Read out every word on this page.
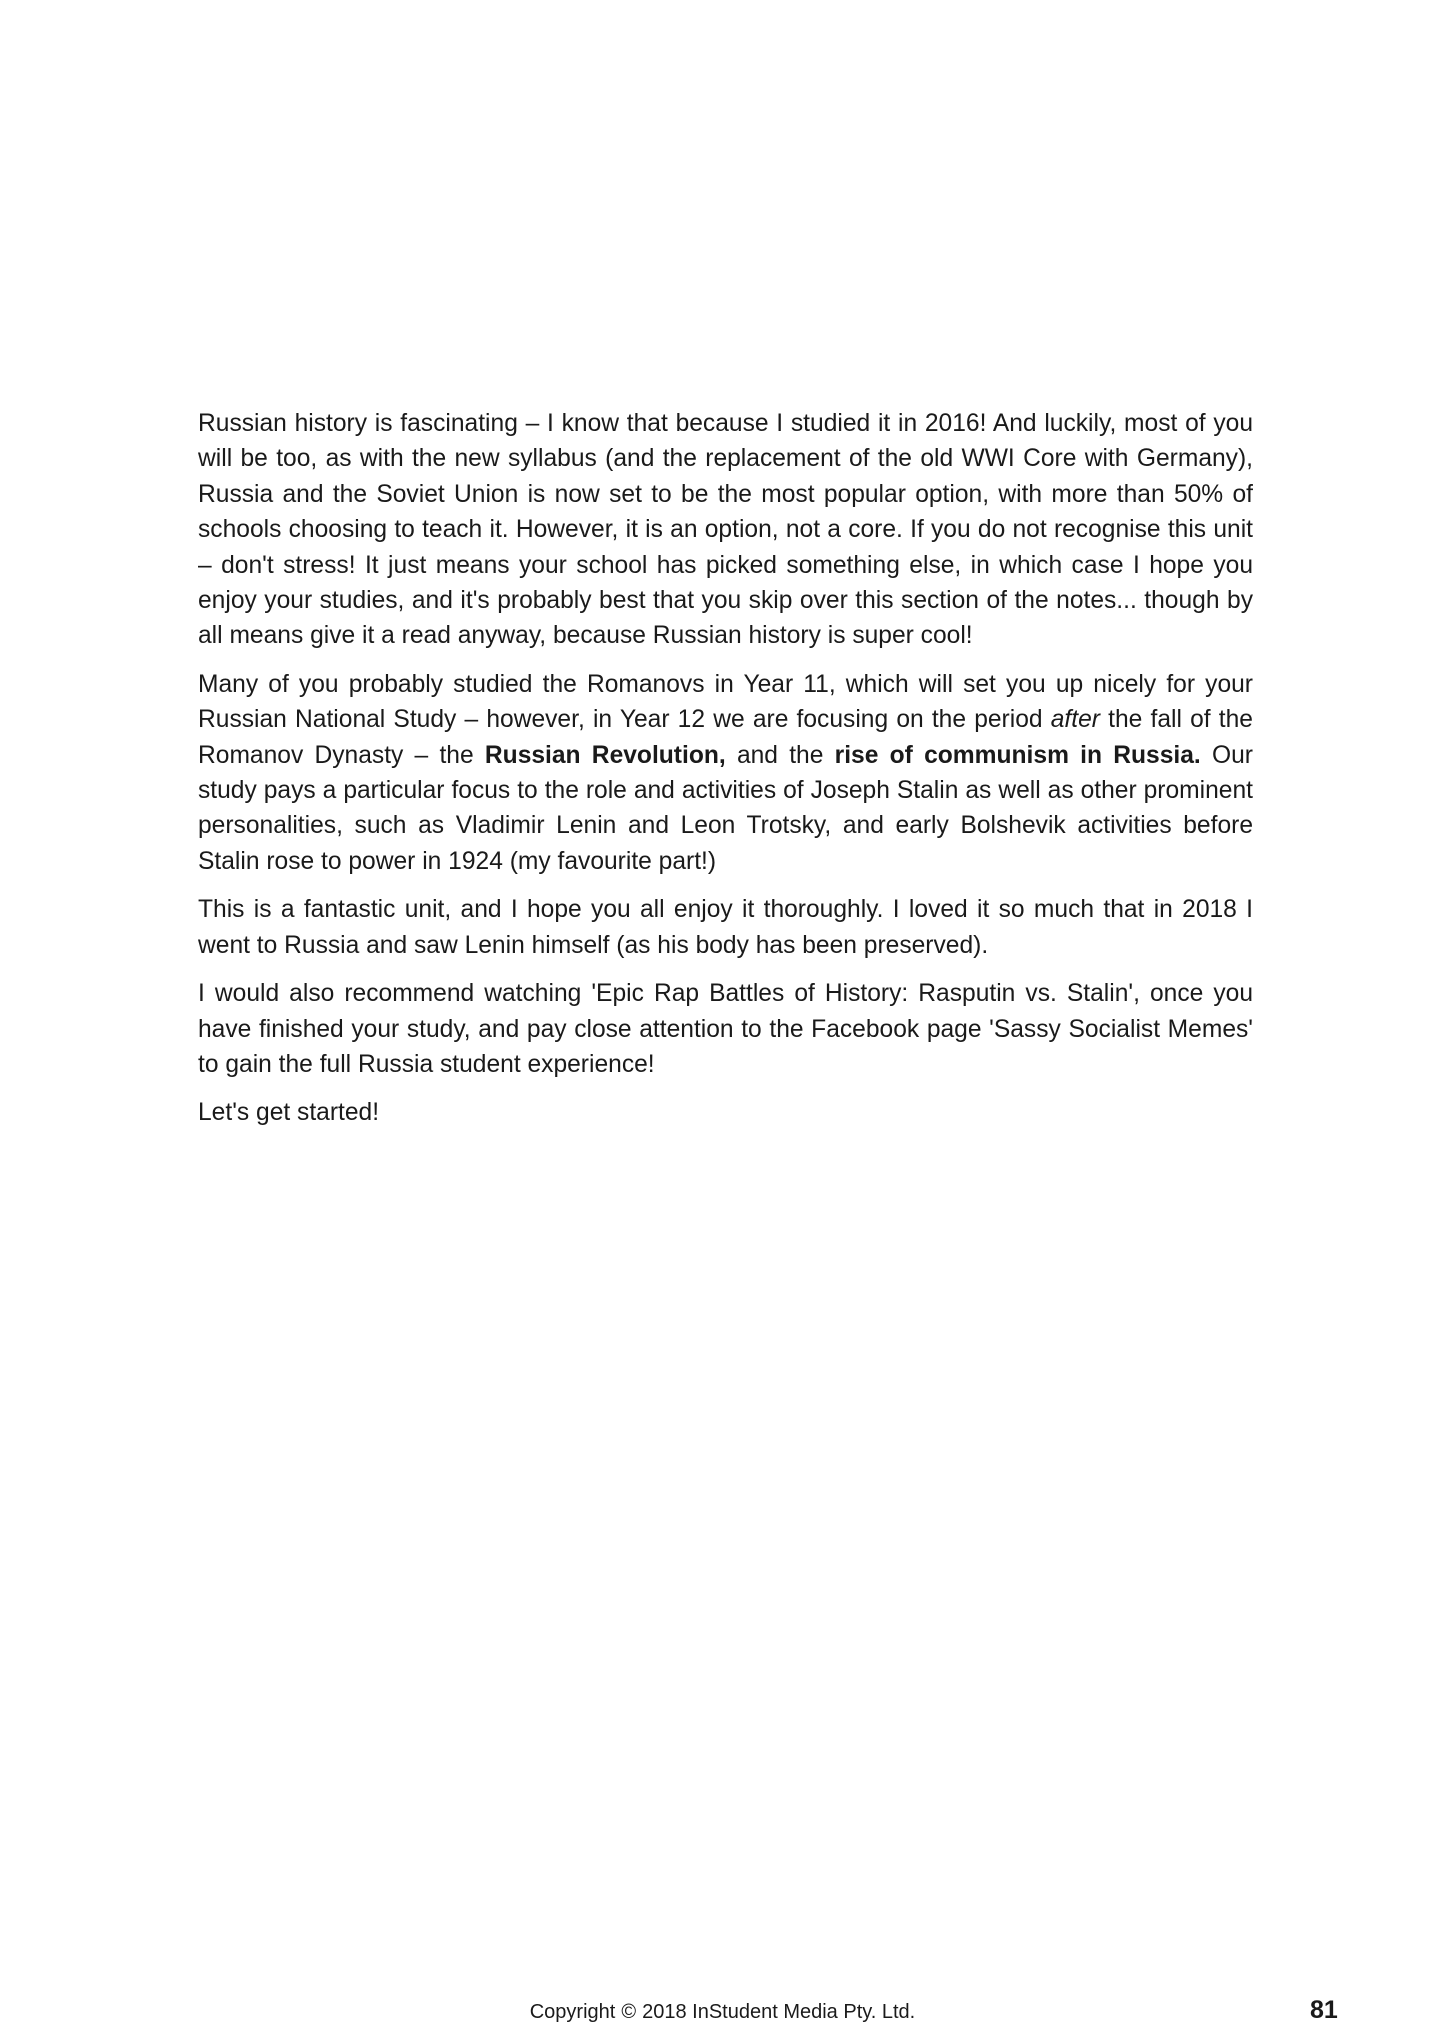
Russian history is fascinating – I know that because I studied it in 2016! And luckily, most of you will be too, as with the new syllabus (and the replacement of the old WWI Core with Germany), Russia and the Soviet Union is now set to be the most popular option, with more than 50% of schools choosing to teach it. However, it is an option, not a core. If you do not recognise this unit – don't stress! It just means your school has picked something else, in which case I hope you enjoy your studies, and it's probably best that you skip over this section of the notes... though by all means give it a read anyway, because Russian history is super cool!

Many of you probably studied the Romanovs in Year 11, which will set you up nicely for your Russian National Study – however, in Year 12 we are focusing on the period after the fall of the Romanov Dynasty – the Russian Revolution, and the rise of communism in Russia. Our study pays a particular focus to the role and activities of Joseph Stalin as well as other prominent personalities, such as Vladimir Lenin and Leon Trotsky, and early Bolshevik activities before Stalin rose to power in 1924 (my favourite part!)

This is a fantastic unit, and I hope you all enjoy it thoroughly. I loved it so much that in 2018 I went to Russia and saw Lenin himself (as his body has been preserved).

I would also recommend watching 'Epic Rap Battles of History: Rasputin vs. Stalin', once you have finished your study, and pay close attention to the Facebook page 'Sassy Socialist Memes' to gain the full Russia student experience!

Let's get started!

Copyright © 2018 InStudent Media Pty. Ltd.	81
